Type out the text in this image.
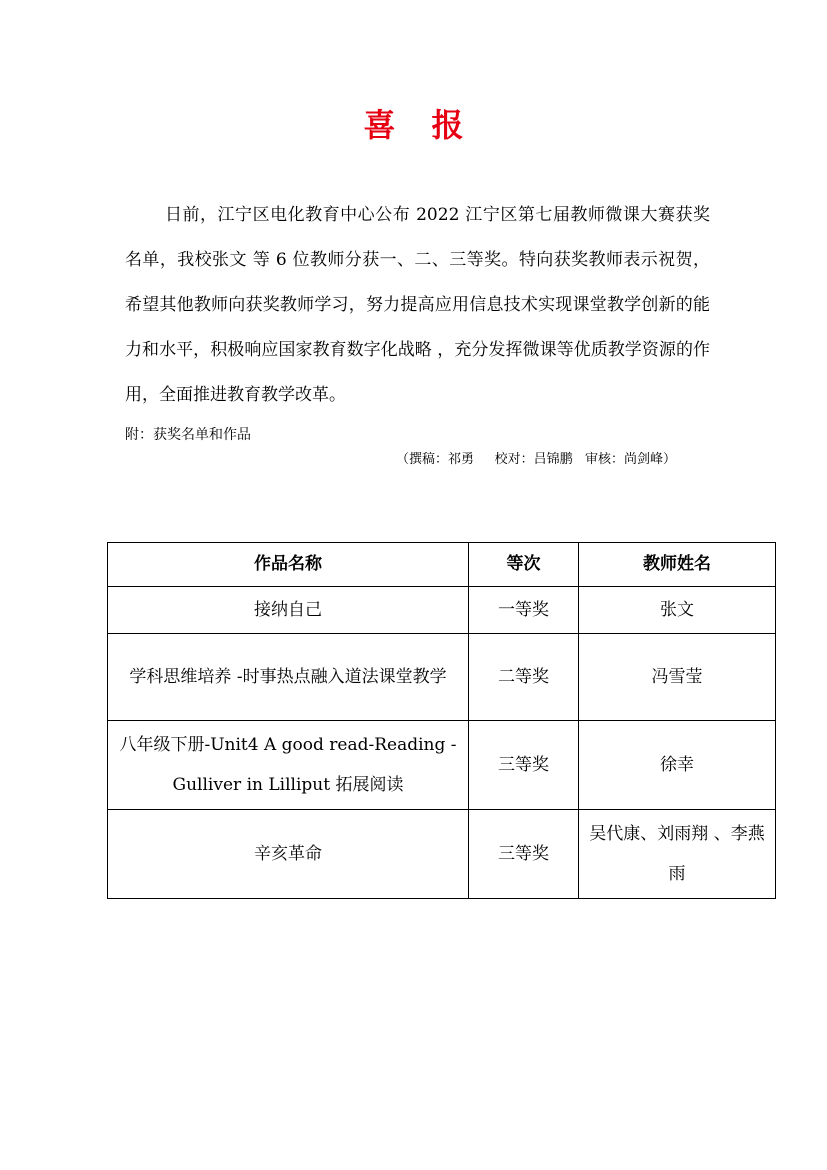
喜 报

日前，江宁区电化教育中心公布 2022 江宁区第七届教师微课大赛获奖名单，我校张文 等 6 位教师分获一、二、三等奖。特向获奖教师表示祝贺，希望其他教师向获奖教师学习，努力提高应用信息技术实现课堂教学创新的能力和水平，积极响应国家教育数字化战略 ，充分发挥微课等优质教学资源的作用，全面推进教育教学改革。

附：获奖名单和作品
（撰稿：祁勇     校对：吕锦鹏   审核：尚剑峰）
作品名称	等次	教师姓名
接纳自己	一等奖	张文
学科思维培养 -时事热点融入道法课堂教学	二等奖	冯雪莹
八年级下册-Unit4 A good read-Reading -Gulliver in Lilliput 拓展阅读	三等奖	徐幸
辛亥革命	三等奖	吴代康、刘雨翔 、李燕雨
